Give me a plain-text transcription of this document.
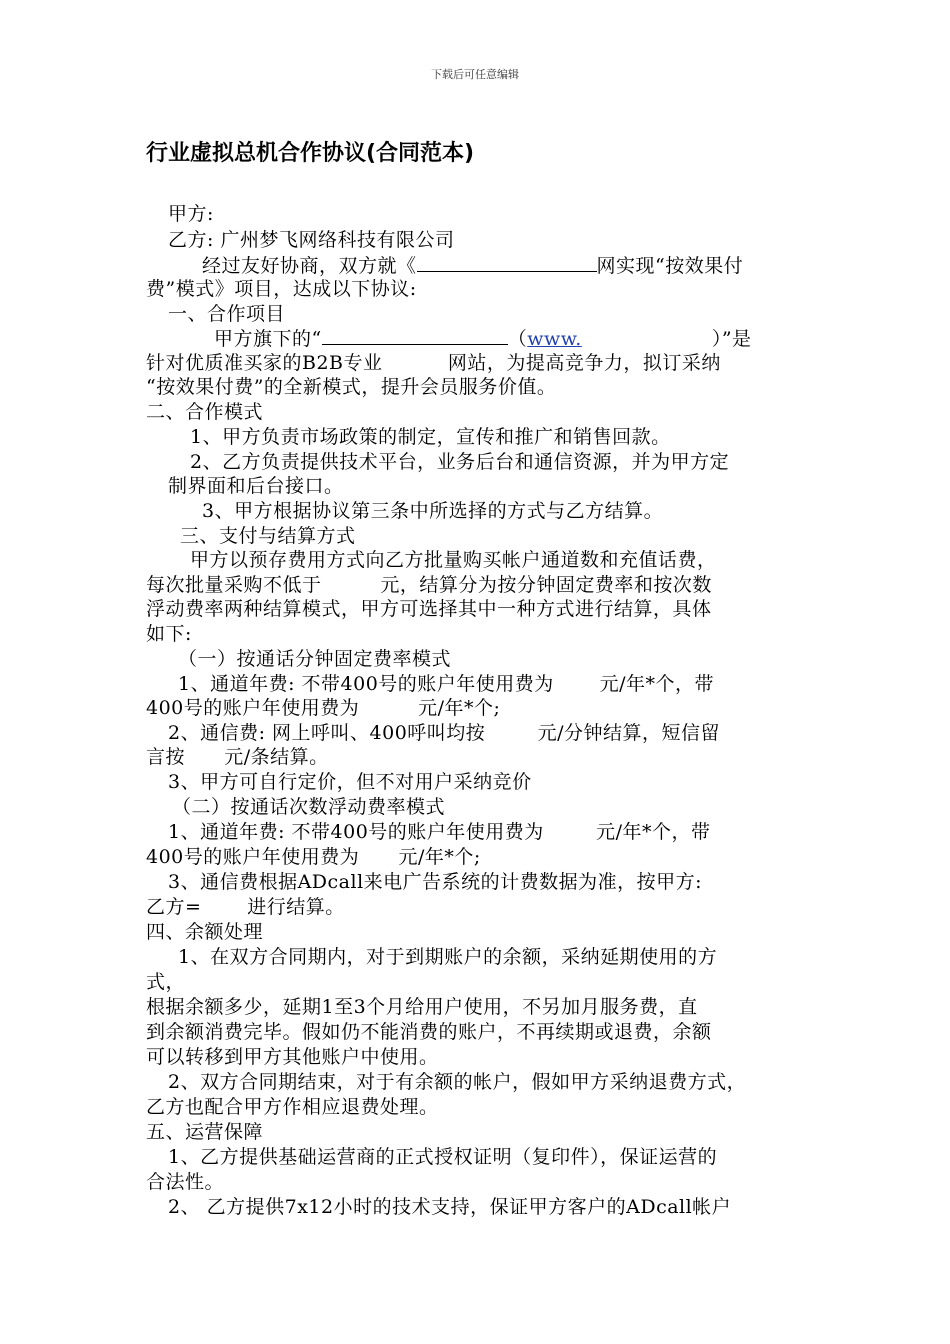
下载后可任意编辑
行业虚拟总机合作协议(合同范本)
甲方:
乙方: 广州梦飞网络科技有限公司
经过友好协商，双方就《	网实现“按效果付
费”模式》项目，达成以下协议:
一、合作项目
甲方旗下的“	（www.	）”是
针对优质准买家的B2B专业          网站，为提高竞争力，拟订采纳
“按效果付费”的全新模式，提升会员服务价值。
二、合作模式
1、甲方负责市场政策的制定，宣传和推广和销售回款。
2、乙方负责提供技术平台，业务后台和通信资源，并为甲方定
制界面和后台接口。
3、甲方根据协议第三条中所选择的方式与乙方结算。
三、支付与结算方式
甲方以预存费用方式向乙方批量购买帐户通道数和充值话费，
每次批量采购不低于         元，结算分为按分钟固定费率和按次数
浮动费率两种结算模式，甲方可选择其中一种方式进行结算，具体
如下:
（一）按通话分钟固定费率模式
1、通道年费: 不带400号的账户年使用费为       元/年*个，带
400号的账户年使用费为         元/年*个;
2、通信费: 网上呼叫、400呼叫均按        元/分钟结算，短信留
言按      元/条结算。
3、甲方可自行定价，但不对用户采纳竞价
（二）按通话次数浮动费率模式
1、通道年费: 不带400号的账户年使用费为        元/年*个，带
400号的账户年使用费为      元/年*个;
3、通信费根据ADcall来电广告系统的计费数据为准，按甲方:
乙方=       进行结算。
四、余额处理
1、在双方合同期内，对于到期账户的余额，采纳延期使用的方
式，
根据余额多少，延期1至3个月给用户使用，不另加月服务费，直
到余额消费完毕。假如仍不能消费的账户，不再续期或退费，余额
可以转移到甲方其他账户中使用。
2、双方合同期结束，对于有余额的帐户，假如甲方采纳退费方式，
乙方也配合甲方作相应退费处理。
五、运营保障
1、乙方提供基础运营商的正式授权证明（复印件），保证运营的
合法性。
2、 乙方提供7x12小时的技术支持，保证甲方客户的ADcall帐户
